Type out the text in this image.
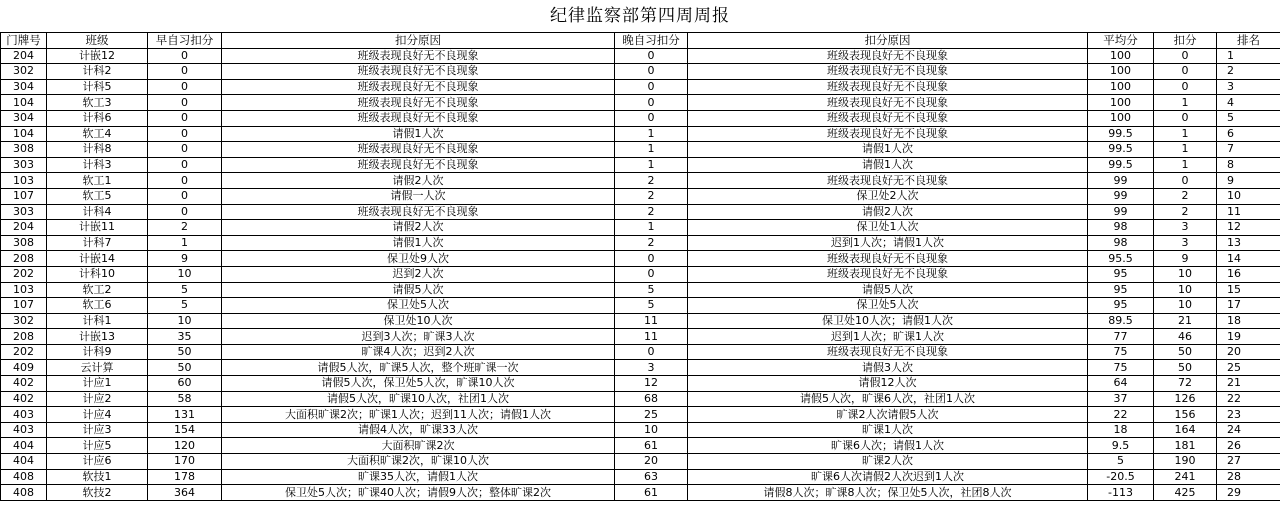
纪律监察部第四周周报
门牌号	班级	早自习扣分	扣分原因	晚自习扣分	扣分原因	平均分	扣分	排名
204	计嵌12	0	班级表现良好无不良现象	0	班级表现良好无不良现象	100	0	1
302	计科2	0	班级表现良好无不良现象	0	班级表现良好无不良现象	100	0	2
304	计科5	0	班级表现良好无不良现象	0	班级表现良好无不良现象	100	0	3
104	软工3	0	班级表现良好无不良现象	0	班级表现良好无不良现象	100	1	4
304	计科6	0	班级表现良好无不良现象	0	班级表现良好无不良现象	100	0	5
104	软工4	0	请假1人次	1	班级表现良好无不良现象	99.5	1	6
308	计科8	0	班级表现良好无不良现象	1	请假1人次	99.5	1	7
303	计科3	0	班级表现良好无不良现象	1	请假1人次	99.5	1	8
103	软工1	0	请假2人次	2	班级表现良好无不良现象	99	0	9
107	软工5	0	请假一人次	2	保卫处2人次	99	2	10
303	计科4	0	班级表现良好无不良现象	2	请假2人次	99	2	11
204	计嵌11	2	请假2人次	1	保卫处1人次	98	3	12
308	计科7	1	请假1人次	2	迟到1人次；请假1人次	98	3	13
208	计嵌14	9	保卫处9人次	0	班级表现良好无不良现象	95.5	9	14
202	计科10	10	迟到2人次	0	班级表现良好无不良现象	95	10	16
103	软工2	5	请假5人次	5	请假5人次	95	10	15
107	软工6	5	保卫处5人次	5	保卫处5人次	95	10	17
302	计科1	10	保卫处10人次	11	保卫处10人次；请假1人次	89.5	21	18
208	计嵌13	35	迟到3人次；旷课3人次	11	迟到1人次；旷课1人次	77	46	19
202	计科9	50	旷课4人次；迟到2人次	0	班级表现良好无不良现象	75	50	20
409	云计算	50	请假5人次，旷课5人次，整个班旷课一次	3	请假3人次	75	50	25
402	计应1	60	请假5人次，保卫处5人次，旷课10人次	12	请假12人次	64	72	21
402	计应2	58	请假5人次，旷课10人次，社团1人次	68	请假5人次，旷课6人次，社团1人次	37	126	22
403	计应4	131	大面积旷课2次；旷课1人次；迟到11人次；请假1人次	25	旷课2人次请假5人次	22	156	23
403	计应3	154	请假4人次，旷课33人次	10	旷课1人次	18	164	24
404	计应5	120	大面积旷课2次	61	旷课6人次；请假1人次	9.5	181	26
404	计应6	170	大面积旷课2次，旷课10人次	20	旷课2人次	5	190	27
408	软技1	178	旷课35人次，请假1人次	63	旷课6人次请假2人次迟到1人次	-20.5	241	28
408	软技2	364	保卫处5人次；旷课40人次；请假9人次；整体旷课2次	61	请假8人次；旷课8人次；保卫处5人次，社团8人次	-113	425	29
